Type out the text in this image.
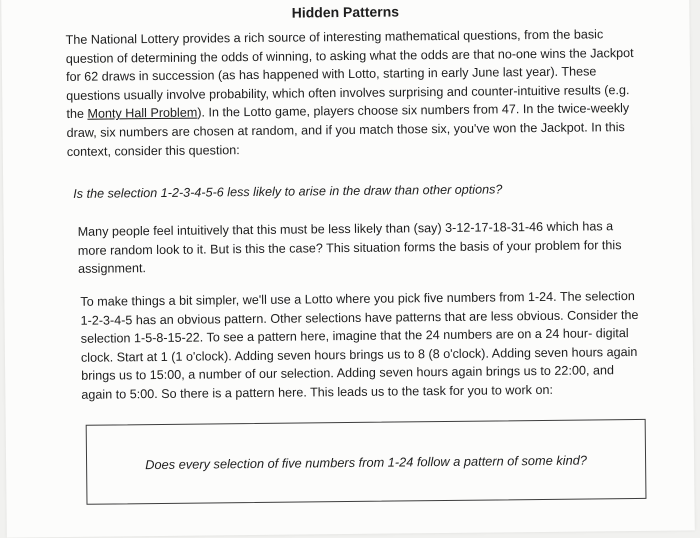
Hidden Patterns

The National Lottery provides a rich source of interesting mathematical questions, from the basic question of determining the odds of winning, to asking what the odds are that no-one wins the Jackpot for 62 draws in succession (as has happened with Lotto, starting in early June last year). These questions usually involve probability, which often involves surprising and counter-intuitive results (e.g. the Monty Hall Problem). In the Lotto game, players choose six numbers from 47. In the twice-weekly draw, six numbers are chosen at random, and if you match those six, you've won the Jackpot. In this context, consider this question:

Is the selection 1-2-3-4-5-6 less likely to arise in the draw than other options?

Many people feel intuitively that this must be less likely than (say) 3-12-17-18-31-46 which has a more random look to it. But is this the case? This situation forms the basis of your problem for this assignment.

To make things a bit simpler, we'll use a Lotto where you pick five numbers from 1-24. The selection 1-2-3-4-5 has an obvious pattern. Other selections have patterns that are less obvious. Consider the selection 1-5-8-15-22. To see a pattern here, imagine that the 24 numbers are on a 24 hour- digital clock. Start at 1 (1 o'clock). Adding seven hours brings us to 8 (8 o'clock). Adding seven hours again brings us to 15:00, a number of our selection. Adding seven hours again brings us to 22:00, and again to 5:00. So there is a pattern here. This leads us to the task for you to work on:

Does every selection of five numbers from 1-24 follow a pattern of some kind?
